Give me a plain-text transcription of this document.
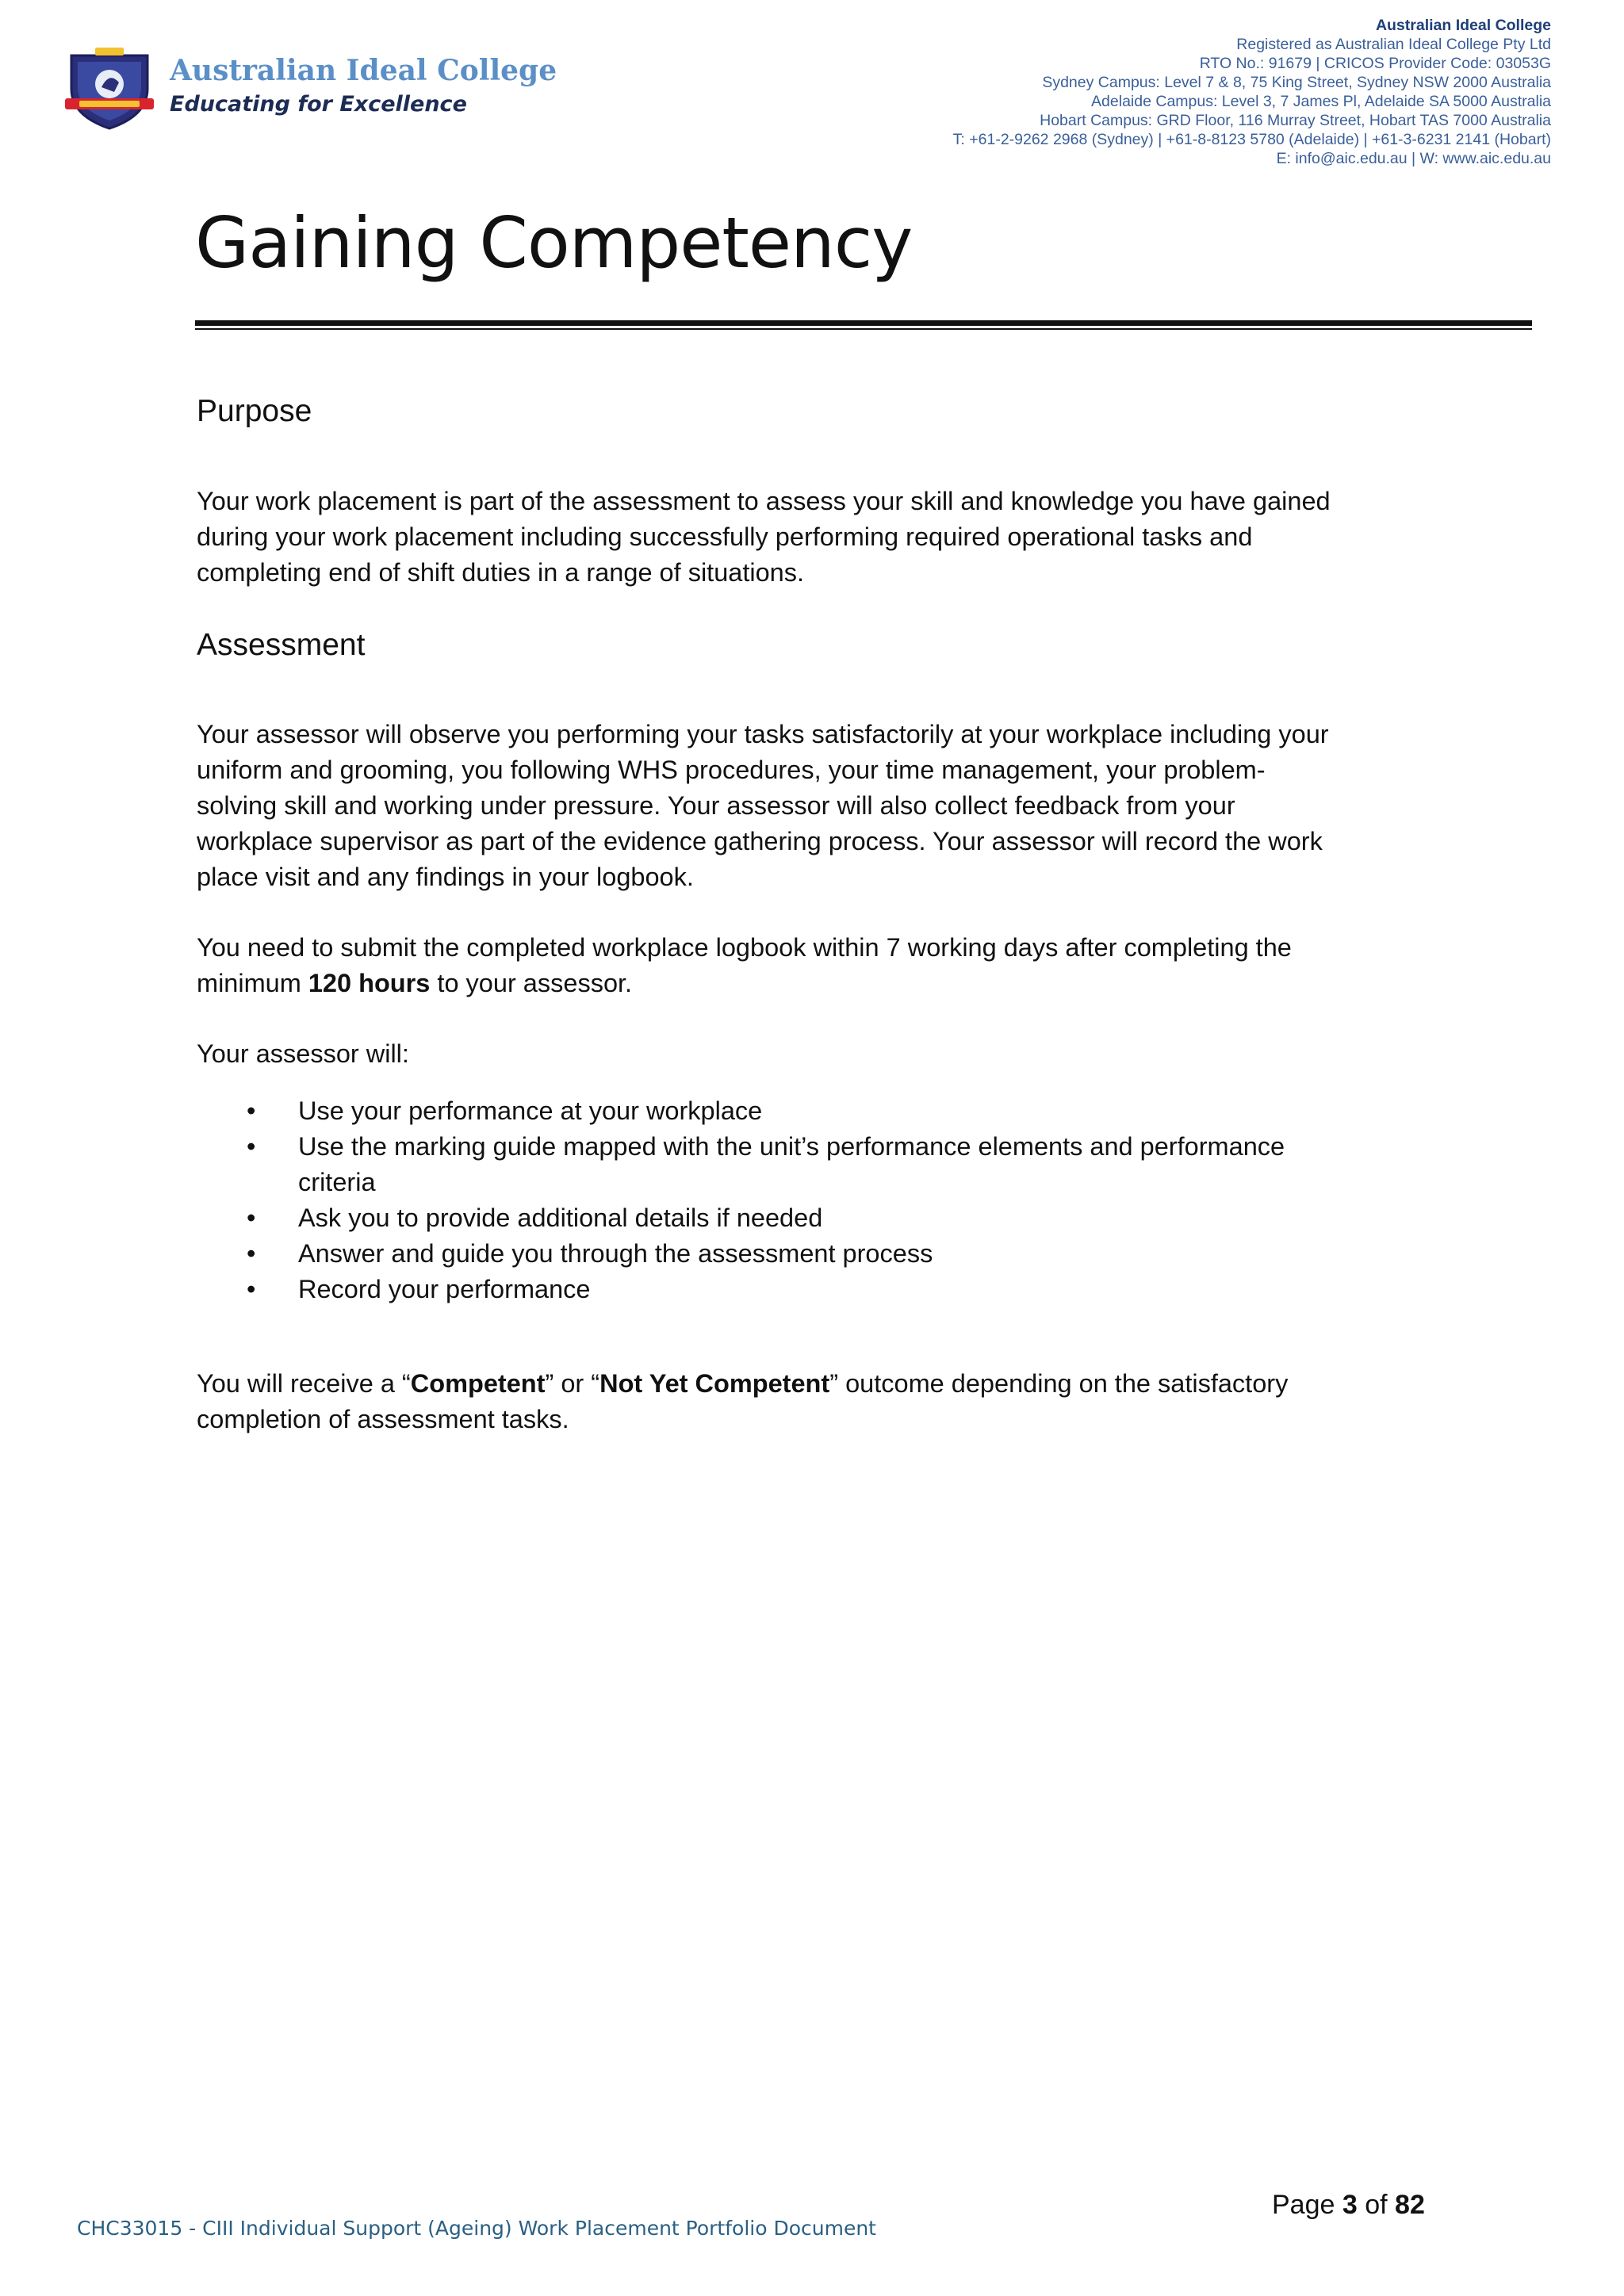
Australian Ideal College

Educating for Excellence

Australian Ideal College
Registered as Australian Ideal College Pty Ltd
RTO No.: 91679 | CRICOS Provider Code: 03053G
Sydney Campus: Level 7 & 8, 75 King Street, Sydney NSW 2000 Australia
Adelaide Campus: Level 3, 7 James Pl, Adelaide SA 5000 Australia
Hobart Campus: GRD Floor, 116 Murray Street, Hobart TAS 7000 Australia
T: +61-2-9262 2968 (Sydney) | +61-8-8123 5780 (Adelaide) | +61-3-6231 2141 (Hobart)
E: info@aic.edu.au | W: www.aic.edu.au
Gaining Competency
Purpose

Your work placement is part of the assessment to assess your skill and knowledge you have gained
during your work placement including successfully performing required operational tasks and
completing end of shift duties in a range of situations.

Assessment

Your assessor will observe you performing your tasks satisfactorily at your workplace including your
uniform and grooming, you following WHS procedures, your time management, your problem-
solving skill and working under pressure. Your assessor will also collect feedback from your
workplace supervisor as part of the evidence gathering process. Your assessor will record the work
place visit and any findings in your logbook.

You need to submit the completed workplace logbook within 7 working days after completing the
minimum 120 hours to your assessor.

Your assessor will:

• Use your performance at your workplace
• Use the marking guide mapped with the unit’s performance elements and performance criteria
• Ask you to provide additional details if needed
• Answer and guide you through the assessment process
• Record your performance

You will receive a “Competent” or “Not Yet Competent” outcome depending on the satisfactory
completion of assessment tasks.

Page 3 of 82
CHC33015 - CIII Individual Support (Ageing) Work Placement Portfolio Document
